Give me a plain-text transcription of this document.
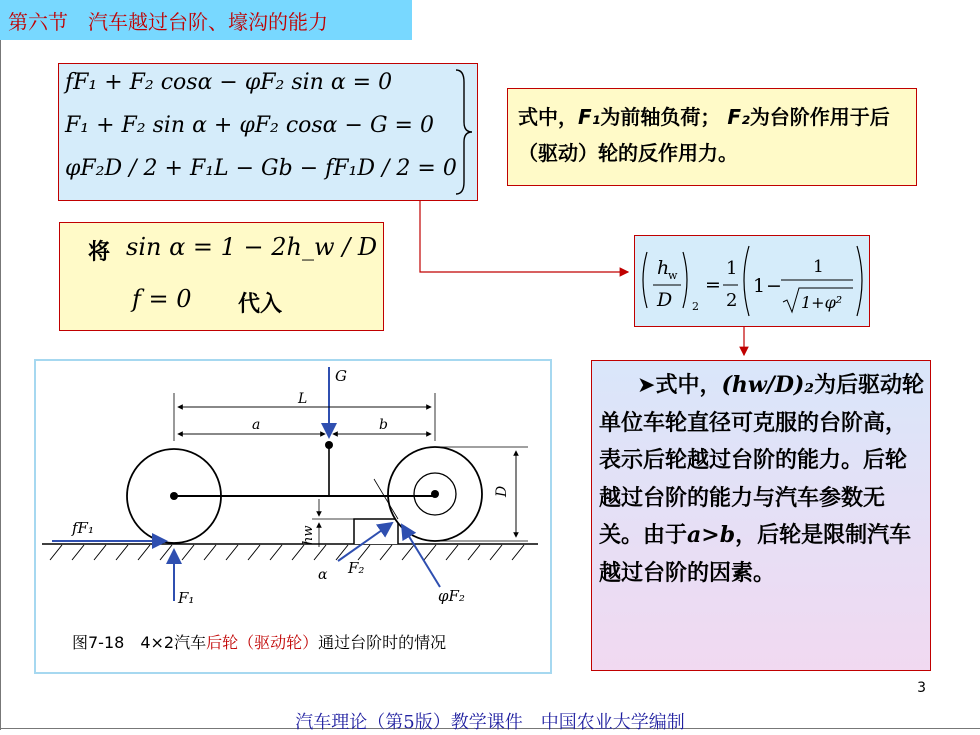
第六节　汽车越过台阶、壕沟的能力
fF₁ + F₂ cosα − φF₂ sin α = 0
F₁ + F₂ sin α + φF₂ cosα − G = 0
φF₂D / 2 + F₁L − Gb − fF₁D / 2 = 0
式中，F₁为前轴负荷； F₂为台阶作用于后（驱动）轮的反作用力。
将 sin α = 1 − 2h_w / D
f = 0 代入
h
w
D 2
=
1
2
1 −
1
1+φ²
G
L
a	b
D
hw
fF₁
F₁
F₂
α
φF₂
图7-18　4×2汽车后轮（驱动轮）通过台阶时的情况
➤式中，(hw/D)₂为后驱动轮单位车轮直径可克服的台阶高，表示后轮越过台阶的能力。后轮越过台阶的能力与汽车参数无关。由于a>b，后轮是限制汽车越过台阶的因素。
3
汽车理论（第5版）教学课件　中国农业大学编制
